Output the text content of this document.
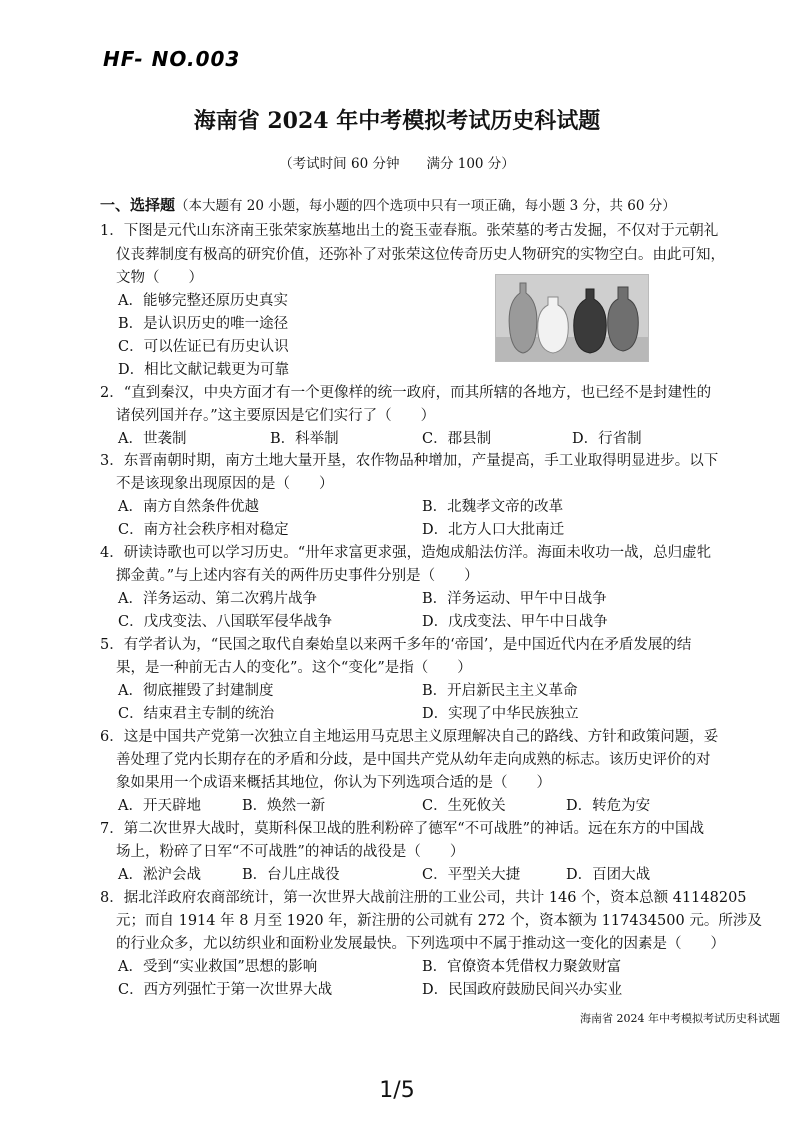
HF- NO.003
海南省 2024 年中考模拟考试历史科试题
（考试时间 60 分钟　　满分 100 分）
一、选择题（本大题有 20 小题，每小题的四个选项中只有一项正确，每小题 3 分，共 60 分）
1．下图是元代山东济南王张荣家族墓地出土的瓷玉壶春瓶。张荣墓的考古发掘，不仅对于元朝礼
仪丧葬制度有极高的研究价值，还弥补了对张荣这位传奇历史人物研究的实物空白。由此可知，
文物（　　）
A．能够完整还原历史真实
B．是认识历史的唯一途径
C．可以佐证已有历史认识
D．相比文献记载更为可靠
2．“直到秦汉，中央方面才有一个更像样的统一政府，而其所辖的各地方，也已经不是封建性的
诸侯列国并存。”这主要原因是它们实行了（　　）
A．世袭制	B．科举制	C．郡县制	D．行省制
3．东晋南朝时期，南方土地大量开垦，农作物品种增加，产量提高，手工业取得明显进步。以下
不是该现象出现原因的是（　　）
A．南方自然条件优越	B．北魏孝文帝的改革
C．南方社会秩序相对稳定	D．北方人口大批南迁
4．研读诗歌也可以学习历史。“卅年求富更求强，造炮成船法仿洋。海面未收功一战，总归虚牝
掷金黄。”与上述内容有关的两件历史事件分别是（　　）
A．洋务运动、第二次鸦片战争	B．洋务运动、甲午中日战争
C．戊戌变法、八国联军侵华战争	D．戊戌变法、甲午中日战争
5．有学者认为，“民国之取代自秦始皇以来两千多年的‘帝国’，是中国近代内在矛盾发展的结
果，是一种前无古人的变化”。这个“变化”是指（　　）
A．彻底摧毁了封建制度	B．开启新民主主义革命
C．结束君主专制的统治	D．实现了中华民族独立
6．这是中国共产党第一次独立自主地运用马克思主义原理解决自己的路线、方针和政策问题，妥
善处理了党内长期存在的矛盾和分歧，是中国共产党从幼年走向成熟的标志。该历史评价的对
象如果用一个成语来概括其地位，你认为下列选项合适的是（　　）
A．开天辟地	B．焕然一新	C．生死攸关	D．转危为安
7．第二次世界大战时，莫斯科保卫战的胜利粉碎了德军“不可战胜”的神话。远在东方的中国战
场上，粉碎了日军“不可战胜”的神话的战役是（　　）
A．淞沪会战	B．台儿庄战役	C．平型关大捷	D．百团大战
8．据北洋政府农商部统计，第一次世界大战前注册的工业公司，共计 146 个，资本总额 41148205
元；而自 1914 年 8 月至 1920 年，新注册的公司就有 272 个，资本额为 117434500 元。所涉及
的行业众多，尤以纺织业和面粉业发展最快。下列选项中不属于推动这一变化的因素是（　　）
A．受到“实业救国”思想的影响	B．官僚资本凭借权力聚敛财富
C．西方列强忙于第一次世界大战	D．民国政府鼓励民间兴办实业
海南省 2024 年中考模拟考试历史科试题
1/5
